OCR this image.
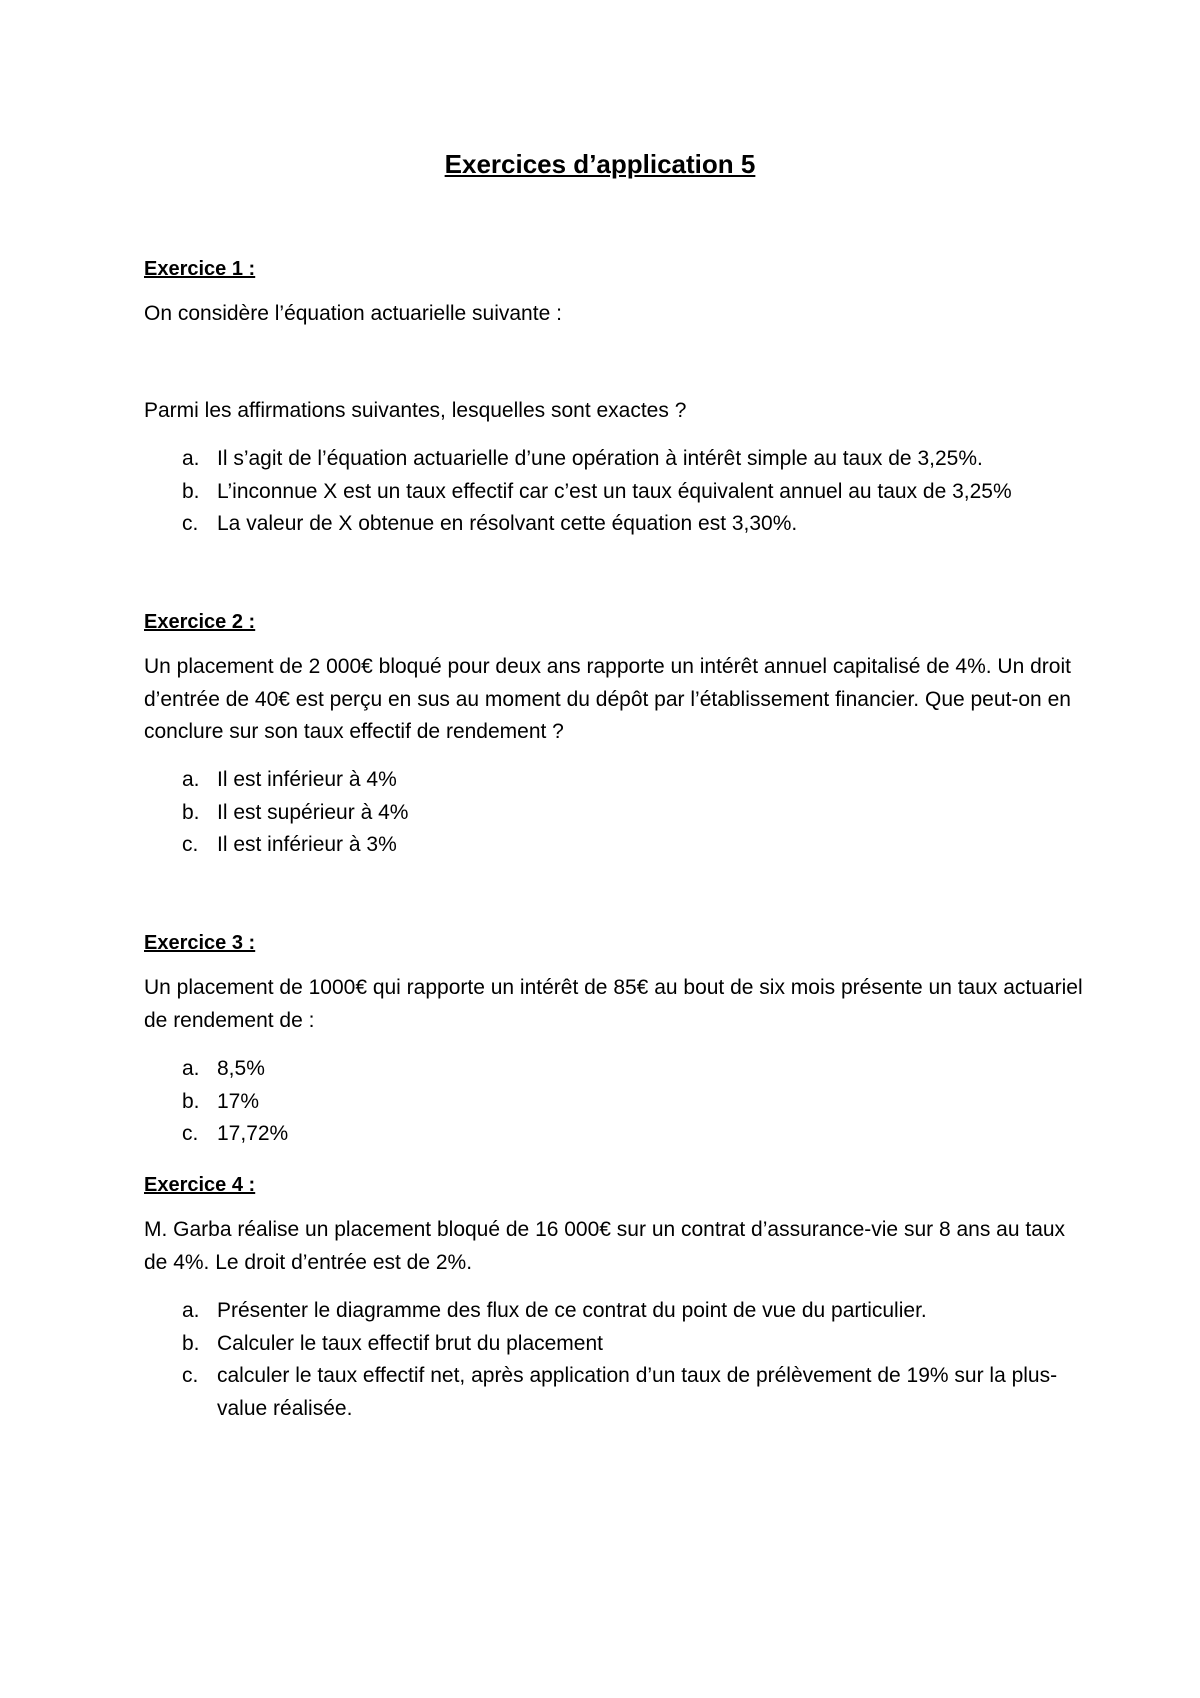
Exercices d’application 5
Exercice 1 :
On considère l’équation actuarielle suivante :
Parmi les affirmations suivantes, lesquelles sont exactes ?
a. Il s’agit de l’équation actuarielle d’une opération à intérêt simple au taux de 3,25%.
b. L’inconnue X est un taux effectif car c’est un taux équivalent annuel au taux de 3,25%
c. La valeur de X obtenue en résolvant cette équation est 3,30%.
Exercice 2 :
Un placement de 2 000€ bloqué pour deux ans rapporte un intérêt annuel capitalisé de 4%. Un droit d’entrée de 40€ est perçu en sus au moment du dépôt par l’établissement financier. Que peut-on en conclure sur son taux effectif de rendement ?
a. Il est inférieur à 4%
b. Il est supérieur à 4%
c. Il est inférieur à 3%
Exercice 3 :
Un placement de 1000€ qui rapporte un intérêt de 85€ au bout de six mois présente un taux actuariel de rendement de :
a. 8,5%
b. 17%
c. 17,72%
Exercice 4 :
M. Garba réalise un placement bloqué de 16 000€ sur un contrat d’assurance-vie sur 8 ans au taux de 4%. Le droit d’entrée est de 2%.
a. Présenter le diagramme des flux de ce contrat du point de vue du particulier.
b. Calculer le taux effectif brut du placement
c. calculer le taux effectif net, après application d’un taux de prélèvement de 19% sur la plus-value réalisée.
